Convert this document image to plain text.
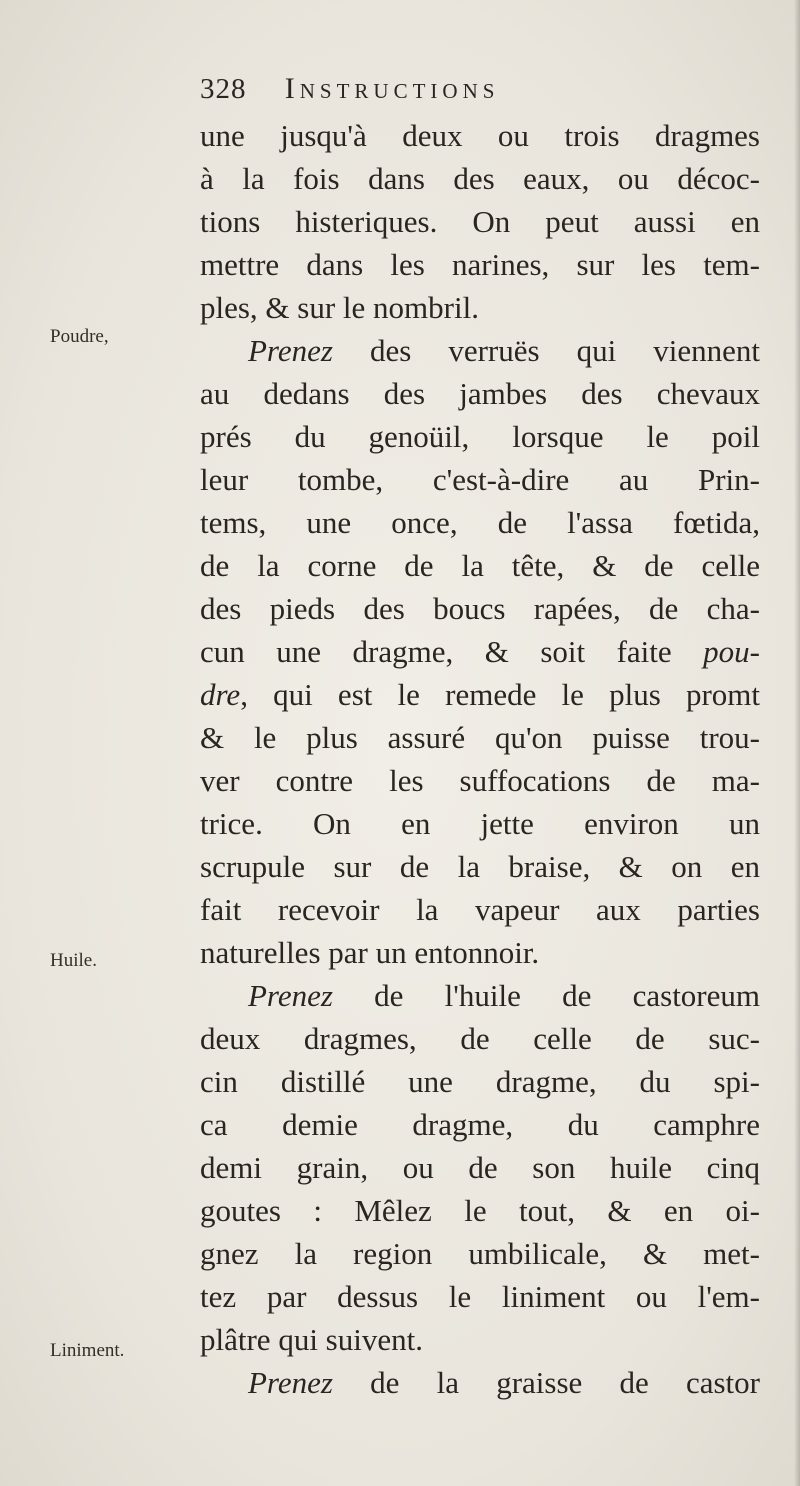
328 Instructions
Poudre,
Huile.
Liniment.
une jusqu'à deux ou trois dragmes
à la fois dans des eaux, ou décoc-
tions histeriques. On peut aussi en
mettre dans les narines, sur les tem-
ples, & sur le nombril.
Prenez des verruës qui viennent
au dedans des jambes des chevaux
prés du genoüil, lorsque le poil
leur tombe, c'est-à-dire au Prin-
tems, une once, de l'assa fœtida,
de la corne de la tête, & de celle
des pieds des boucs rapées, de cha-
cun une dragme, & soit faite pou-
dre, qui est le remede le plus promt
& le plus assuré qu'on puisse trou-
ver contre les suffocations de ma-
trice. On en jette environ un
scrupule sur de la braise, & on en
fait recevoir la vapeur aux parties
naturelles par un entonnoir.
Prenez de l'huile de castoreum
deux dragmes, de celle de suc-
cin distillé une dragme, du spi-
ca demie dragme, du camphre
demi grain, ou de son huile cinq
goutes : Mêlez le tout, & en oi-
gnez la region umbilicale, & met-
tez par dessus le liniment ou l'em-
plâtre qui suivent.
Prenez de la graisse de castor
